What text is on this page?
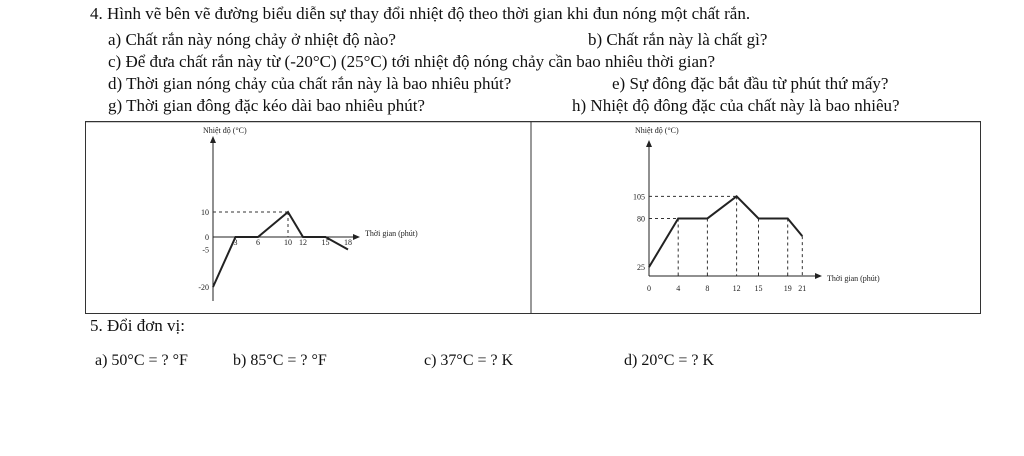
4. Hình vẽ bên vẽ đường biểu diễn sự thay đổi nhiệt độ theo thời gian khi đun nóng một chất rắn.
a) Chất rắn này nóng chảy ở nhiệt độ nào?	b) Chất rắn này là chất gì?
c) Để đưa chất rắn này từ (-20°C) (25°C) tới nhiệt độ nóng chảy cần bao nhiêu thời gian?
d) Thời gian nóng chảy của chất rắn này là bao nhiêu phút?	e) Sự đông đặc bắt đầu từ phút thứ mấy?
g) Thời gian đông đặc kéo dài bao nhiêu phút?	h) Nhiệt độ đông đặc của chất này là bao nhiêu?
Nhiệt độ (°C)
Thời gian (phút)
3 6	10 12 15 18
10
0
-5
-20
Nhiệt độ (°C)
Thời gian (phút)
0	4	8	12 15	19 21
105
80
25
5. Đổi đơn vị:
a) 50°C = ? °F	b) 85°C = ? °F	c) 37°C = ? K	d) 20°C = ? K
